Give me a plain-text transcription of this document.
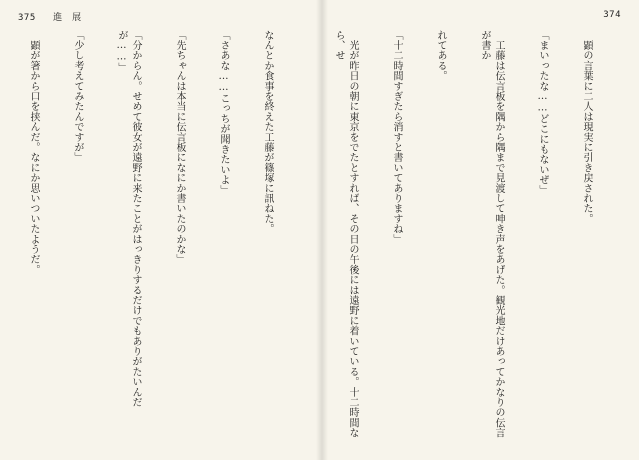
375 進　展

なんとか食事を終えた工藤が篠塚に訊ねた。

「さあな……こっちが聞きたいよ」

「先ちゃんは本当に伝言板になにか書いたのかな」

「分からん。せめて彼女が遠野に来たことがはっきりするだけでもありがたいんだが……」

「少し考えてみたんですが」

　顕が箸から口を挟んだ。なにか思いついたようだ。

374

　顕の言葉に二人は現実に引き戻された。

「まいったな……どこにもないぜ」

　工藤は伝言板を隅から隅まで見渡して呻き声をあげた。観光地だけあってかなりの伝言が書か

れてある。

「十二時間すぎたら消すと書いてありますね」

　光が昨日の朝に東京をでたとすれば、その日の午後には遠野に着いている。十二時間なら、せ
